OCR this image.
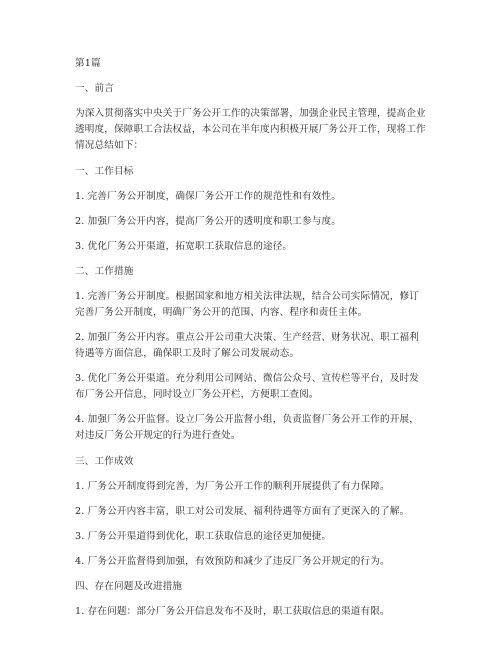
第1篇
一、前言
为深入贯彻落实中央关于厂务公开工作的决策部署，加强企业民主管理，提高企业
透明度，保障职工合法权益，本公司在半年度内积极开展厂务公开工作，现将工作
情况总结如下：
一、工作目标
1. 完善厂务公开制度，确保厂务公开工作的规范性和有效性。
2. 加强厂务公开内容，提高厂务公开的透明度和职工参与度。
3. 优化厂务公开渠道，拓宽职工获取信息的途径。
二、工作措施
1. 完善厂务公开制度。根据国家和地方相关法律法规，结合公司实际情况，修订
完善厂务公开制度，明确厂务公开的范围、内容、程序和责任主体。
2. 加强厂务公开内容。重点公开公司重大决策、生产经营、财务状况、职工福利
待遇等方面信息，确保职工及时了解公司发展动态。
3. 优化厂务公开渠道。充分利用公司网站、微信公众号、宣传栏等平台，及时发
布厂务公开信息，同时设立厂务公开栏，方便职工查阅。
4. 加强厂务公开监督。设立厂务公开监督小组，负责监督厂务公开工作的开展，
对违反厂务公开规定的行为进行查处。
三、工作成效
1. 厂务公开制度得到完善，为厂务公开工作的顺利开展提供了有力保障。
2. 厂务公开内容丰富，职工对公司发展、福利待遇等方面有了更深入的了解。
3. 厂务公开渠道得到优化，职工获取信息的途径更加便捷。
4. 厂务公开监督得到加强，有效预防和减少了违反厂务公开规定的行为。
四、存在问题及改进措施
1. 存在问题：部分厂务公开信息发布不及时，职工获取信息的渠道有限。
